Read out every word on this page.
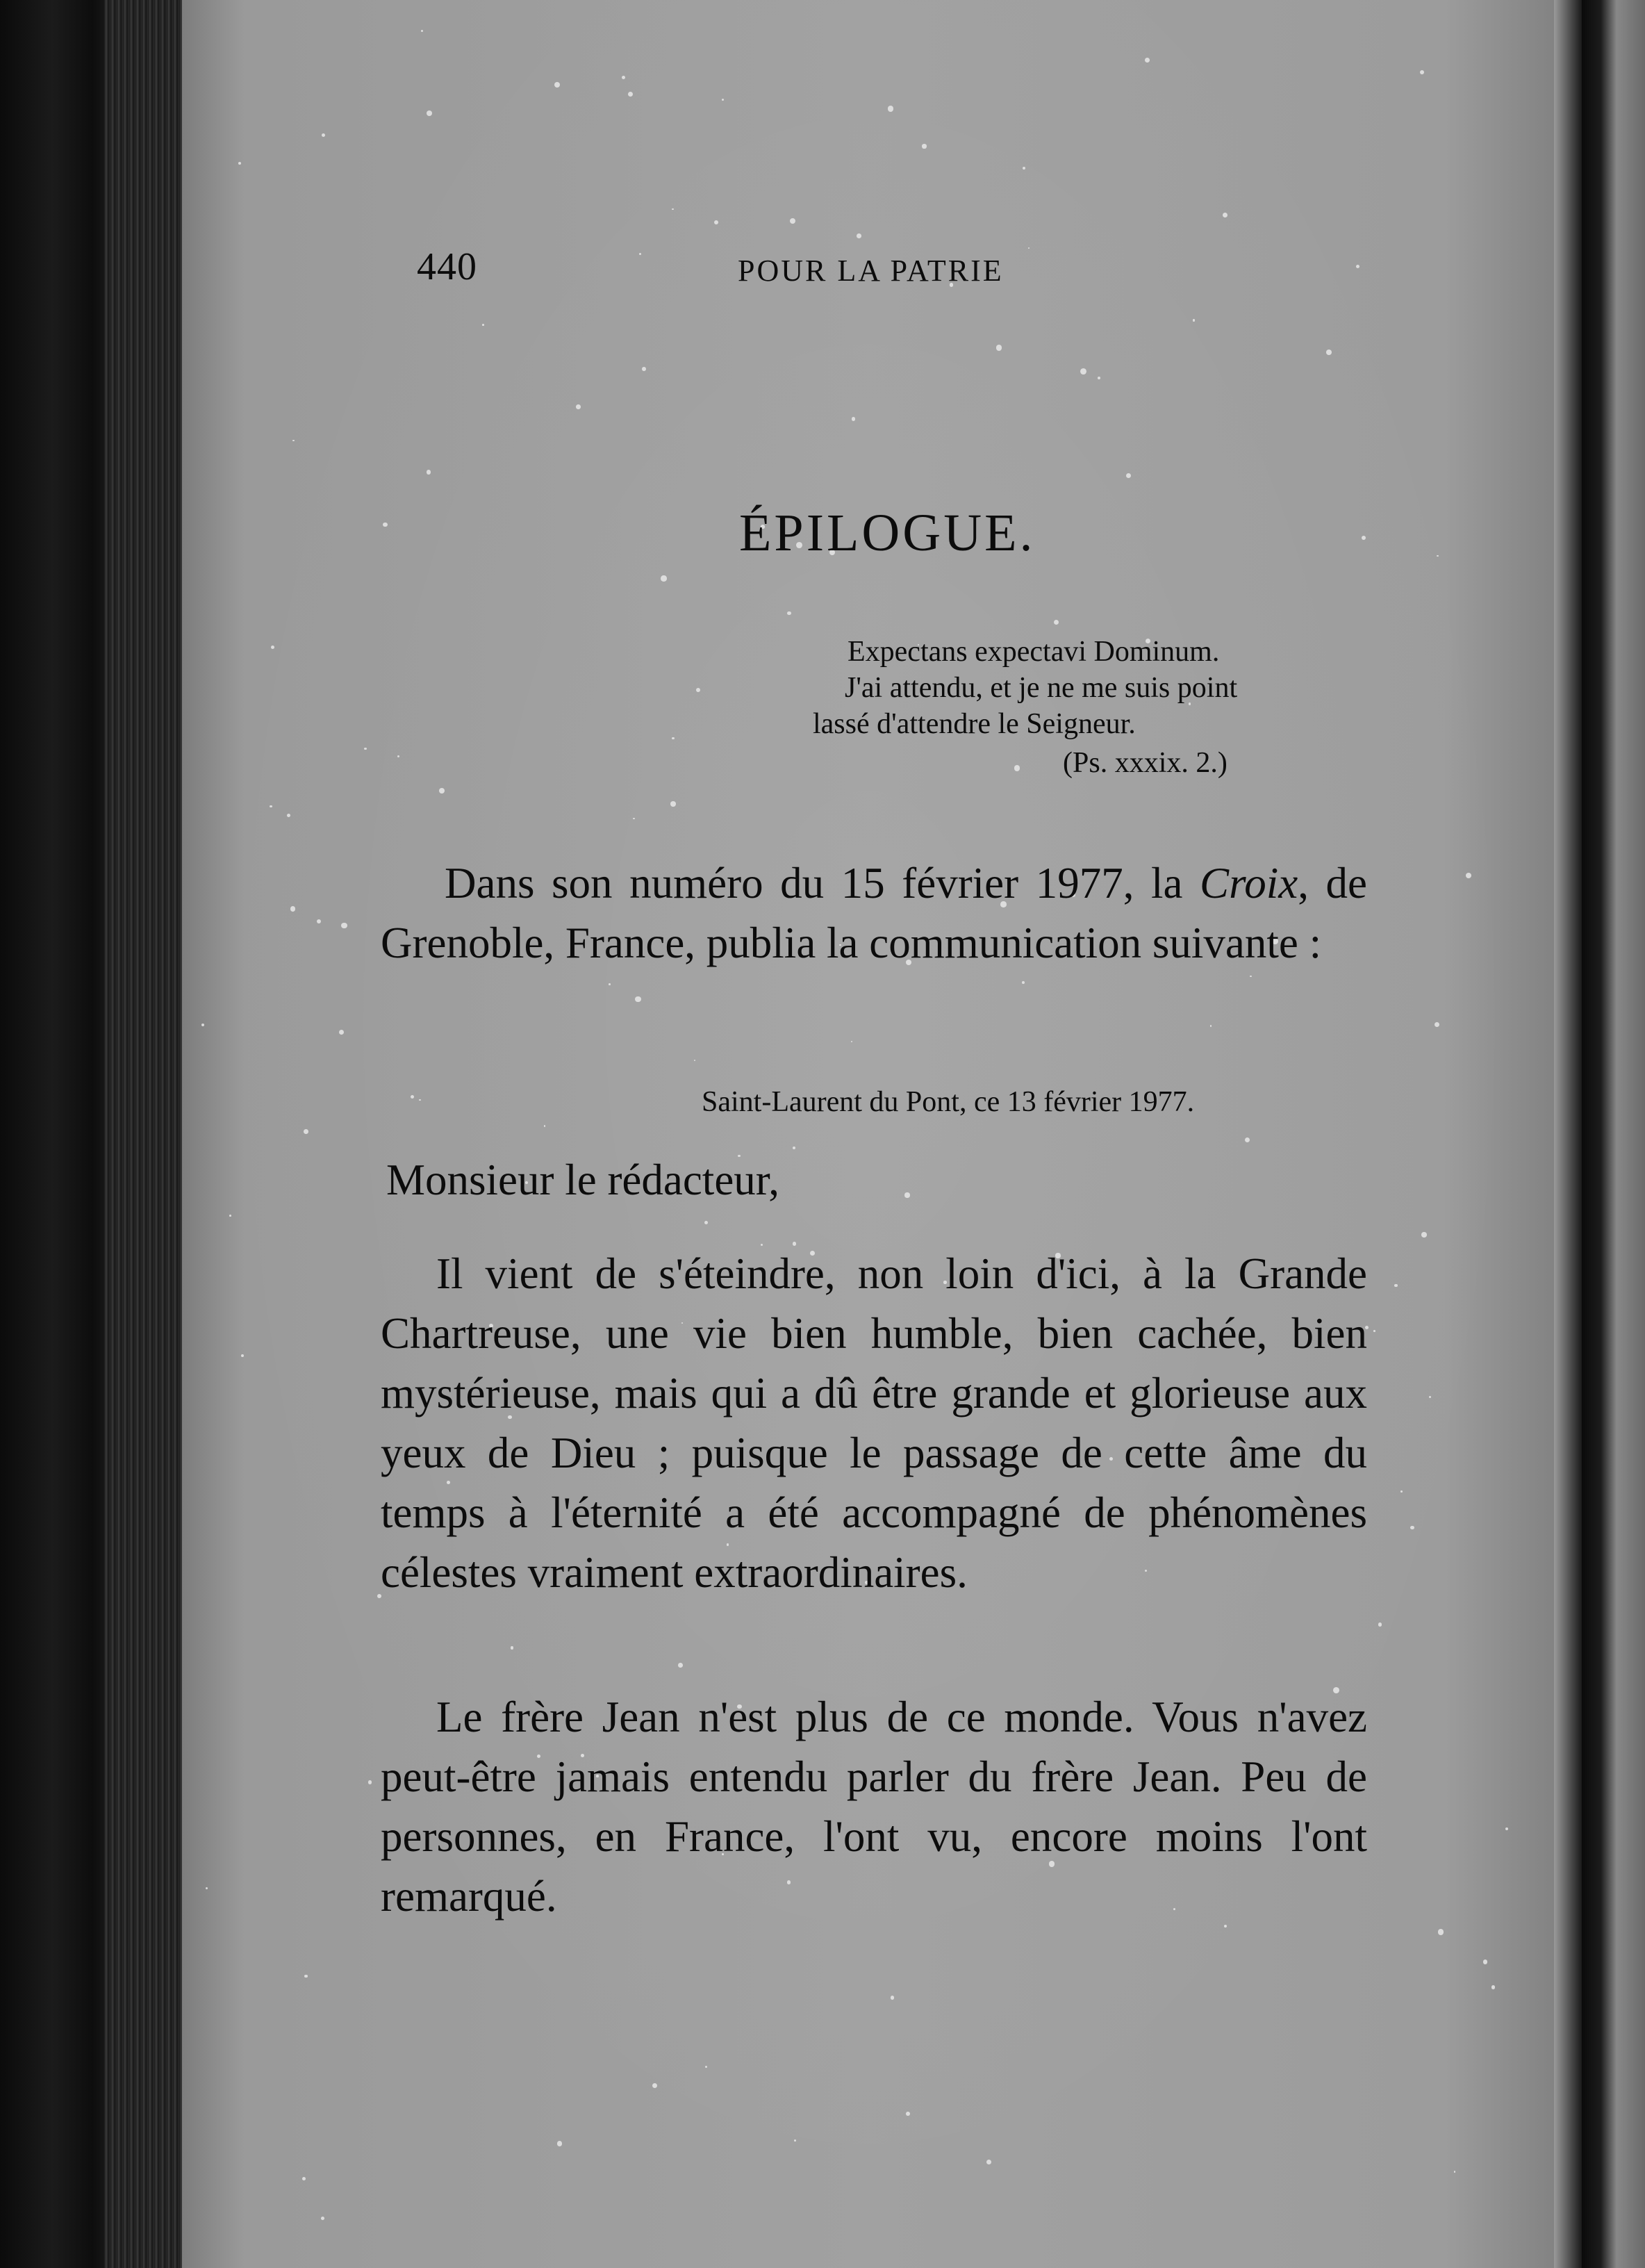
440	POUR LA PATRIE
ÉPILOGUE.
Expectans expectavi Dominum.
J'ai attendu, et je ne me suis point
lassé d'attendre le Seigneur.
(Ps. xxxix. 2.)
Dans son numéro du 15 février 1977, la Croix, de Grenoble, France, publia la communication suivante :
Saint-Laurent du Pont, ce 13 février 1977.
Monsieur le rédacteur,
Il vient de s'éteindre, non loin d'ici, à la Grande Chartreuse, une vie bien humble, bien cachée, bien mystérieuse, mais qui a dû être grande et glorieuse aux yeux de Dieu ; puisque le passage de cette âme du temps à l'éternité a été accompagné de phénomènes célestes vraiment extraordinaires.
Le frère Jean n'est plus de ce monde. Vous n'avez peut-être jamais entendu parler du frère Jean. Peu de personnes, en France, l'ont vu, encore moins l'ont remarqué.
